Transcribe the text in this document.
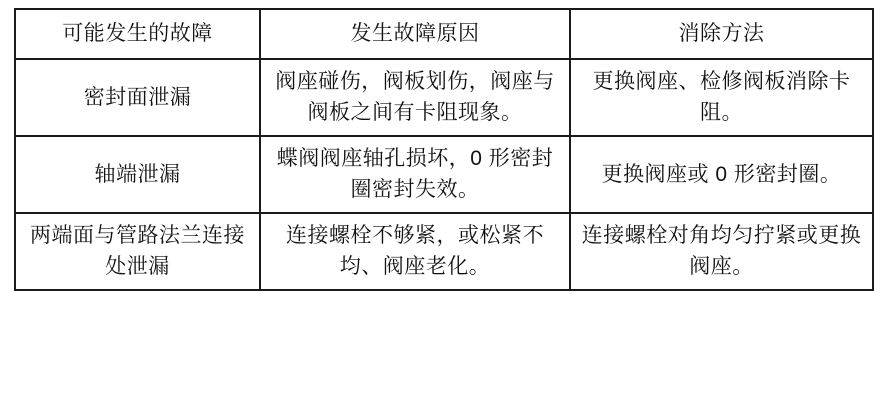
可能发生的故障	发生故障原因	消除方法

密封面泄漏	阀座碰伤，阀板划伤，阀座与阀板之间有卡阻现象。	更换阀座、检修阀板消除卡阻。

轴端泄漏	蝶阀阀座轴孔损坏，0 形密封圈密封失效。	更换阀座或 0 形密封圈。

两端面与管路法兰连接处泄漏	连接螺栓不够紧，或松紧不均、阀座老化。	连接螺栓对角均匀拧紧或更换阀座。
